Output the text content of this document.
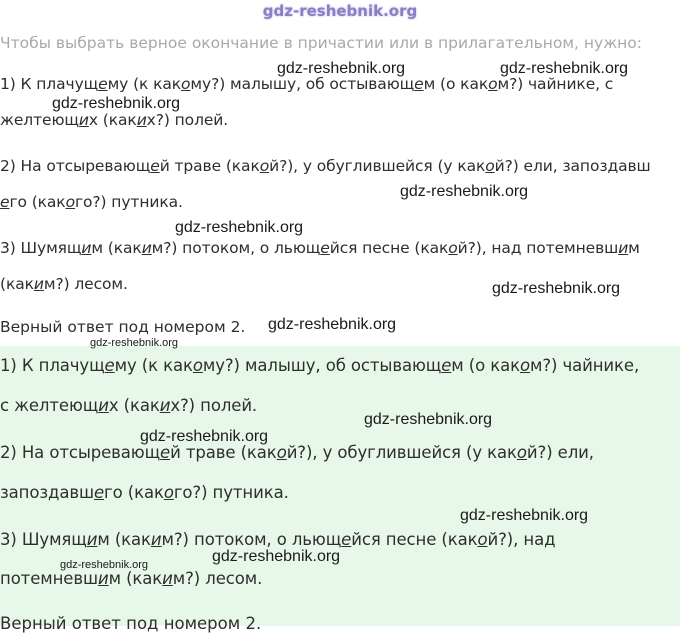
gdz-reshebnik.org
Чтобы выбрать верное окончание в причастии или в прилагательном, нужно:
1) К плачущему (к какому?) малышу, об остывающем (о каком?) чайнике, с
желтеющих (каких?) полей.
2) На отсыревающей траве (какой?), у обуглившейся (у какой?) ели, запоздавш
его (какого?) путника.
3) Шумящим (каким?) потоком, о льющейся песне (какой?), над потемневшим
(каким?) лесом.
Верный ответ под номером 2.
1) К плачущему (к какому?) малышу, об остывающем (о каком?) чайнике,
с желтеющих (каких?) полей.
2) На отсыревающей траве (какой?), у обуглившейся (у какой?) ели,
запоздавшего (какого?) путника.
3) Шумящим (каким?) потоком, о льющейся песне (какой?), над
потемневшим (каким?) лесом.
Верный ответ под номером 2.
gdz-reshebnik.org	gdz-reshebnik.org
gdz-reshebnik.org
gdz-reshebnik.org
gdz-reshebnik.org
gdz-reshebnik.org
gdz-reshebnik.org
gdz-reshebnik.org
gdz-reshebnik.org
gdz-reshebnik.org
gdz-reshebnik.org
gdz-reshebnik.org
gdz-reshebnik.org
